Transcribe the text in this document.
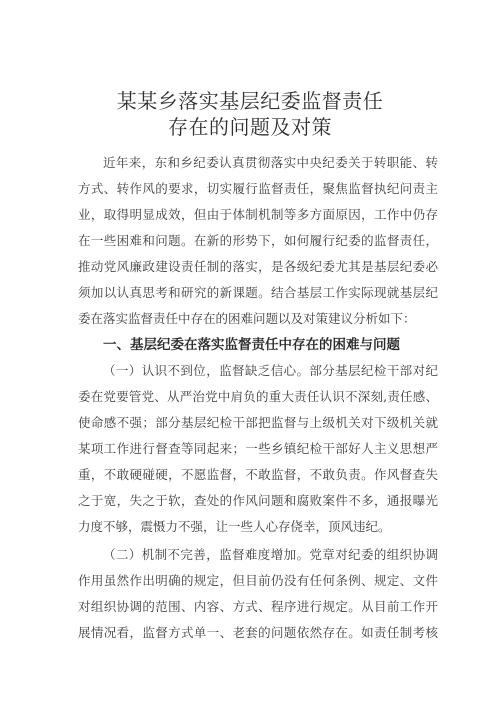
某某乡落实基层纪委监督责任
存在的问题及对策
近年来，东和乡纪委认真贯彻落实中央纪委关于转职能、转
方式、转作风的要求，切实履行监督责任，聚焦监督执纪问责主
业，取得明显成效，但由于体制机制等多方面原因，工作中仍存
在一些困难和问题。在新的形势下，如何履行纪委的监督责任，
推动党风廉政建设责任制的落实，是各级纪委尤其是基层纪委必
须加以认真思考和研究的新课题。结合基层工作实际现就基层纪
委在落实监督责任中存在的困难问题以及对策建议分析如下：
一、基层纪委在落实监督责任中存在的困难与问题
（一）认识不到位，监督缺乏信心。部分基层纪检干部对纪
委在党要管党、从严治党中肩负的重大责任认识不深刻,责任感、
使命感不强；部分基层纪检干部把监督与上级机关对下级机关就
某项工作进行督查等同起来；一些乡镇纪检干部好人主义思想严
重，不敢硬碰硬，不愿监督，不敢监督，不敢负责。作风督查失
之于宽，失之于软，查处的作风问题和腐败案件不多，通报曝光
力度不够，震慑力不强，让一些人心存侥幸，顶风违纪。
（二）机制不完善，监督难度增加。党章对纪委的组织协调
作用虽然作出明确的规定，但目前仍没有任何条例、规定、文件
对组织协调的范围、内容、方式、程序进行规定。从目前工作开
展情况看，监督方式单一、老套的问题依然存在。如责任制考核
